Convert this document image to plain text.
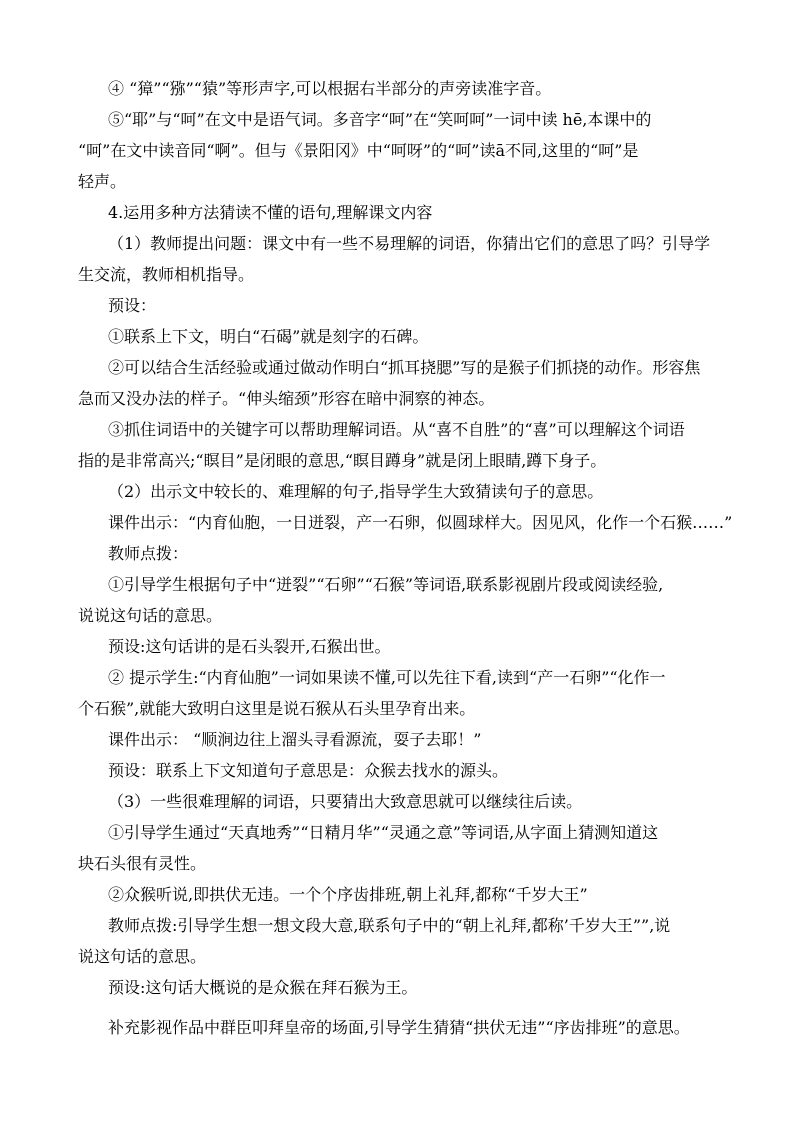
④ “獐”“猕”“猿”等形声字,可以根据右半部分的声旁读准字音。

⑤“耶”与“呵”在文中是语气词。多音字“呵”在“笑呵呵”一词中读 hē,本课中的

“呵”在文中读音同“啊”。但与《景阳冈》中“呵呀”的“呵”读ā不同,这里的“呵”是

轻声。

4.运用多种方法猜读不懂的语句,理解课文内容

（1）教师提出问题：课文中有一些不易理解的词语，你猜出它们的意思了吗？引导学

生交流，教师相机指导。

预设：

①联系上下文，明白“石碣”就是刻字的石碑。

②可以结合生活经验或通过做动作明白“抓耳挠腮”写的是猴子们抓挠的动作。形容焦

急而又没办法的样子。“伸头缩颈”形容在暗中洞察的神态。

③抓住词语中的关键字可以帮助理解词语。从“喜不自胜”的“喜”可以理解这个词语

指的是非常高兴;“瞑目”是闭眼的意思,“瞑目蹲身”就是闭上眼睛,蹲下身子。

（2）出示文中较长的、难理解的句子,指导学生大致猜读句子的意思。

课件出示：“内育仙胞，一日迸裂，产一石卵，似圆球样大。因见风，化作一个石猴……”

教师点拨：

①引导学生根据句子中“迸裂”“石卵”“石猴”等词语,联系影视剧片段或阅读经验,

说说这句话的意思。

预设:这句话讲的是石头裂开,石猴出世。

② 提示学生:“内育仙胞”一词如果读不懂,可以先往下看,读到“产一石卵”“化作一

个石猴”,就能大致明白这里是说石猴从石头里孕育出来。

课件出示： “顺涧边往上溜头寻看源流，耍子去耶！”

预设：联系上下文知道句子意思是：众猴去找水的源头。

（3）一些很难理解的词语，只要猜出大致意思就可以继续往后读。

①引导学生通过“天真地秀”“日精月华”“灵通之意”等词语,从字面上猜测知道这

块石头很有灵性。

②众猴听说,即拱伏无违。一个个序齿排班,朝上礼拜,都称“千岁大王”

教师点拨:引导学生想一想文段大意,联系句子中的“朝上礼拜,都称’千岁大王””,说

说这句话的意思。

预设:这句话大概说的是众猴在拜石猴为王。

补充影视作品中群臣叩拜皇帝的场面,引导学生猜猜“拱伏无违”“序齿排班”的意思。
